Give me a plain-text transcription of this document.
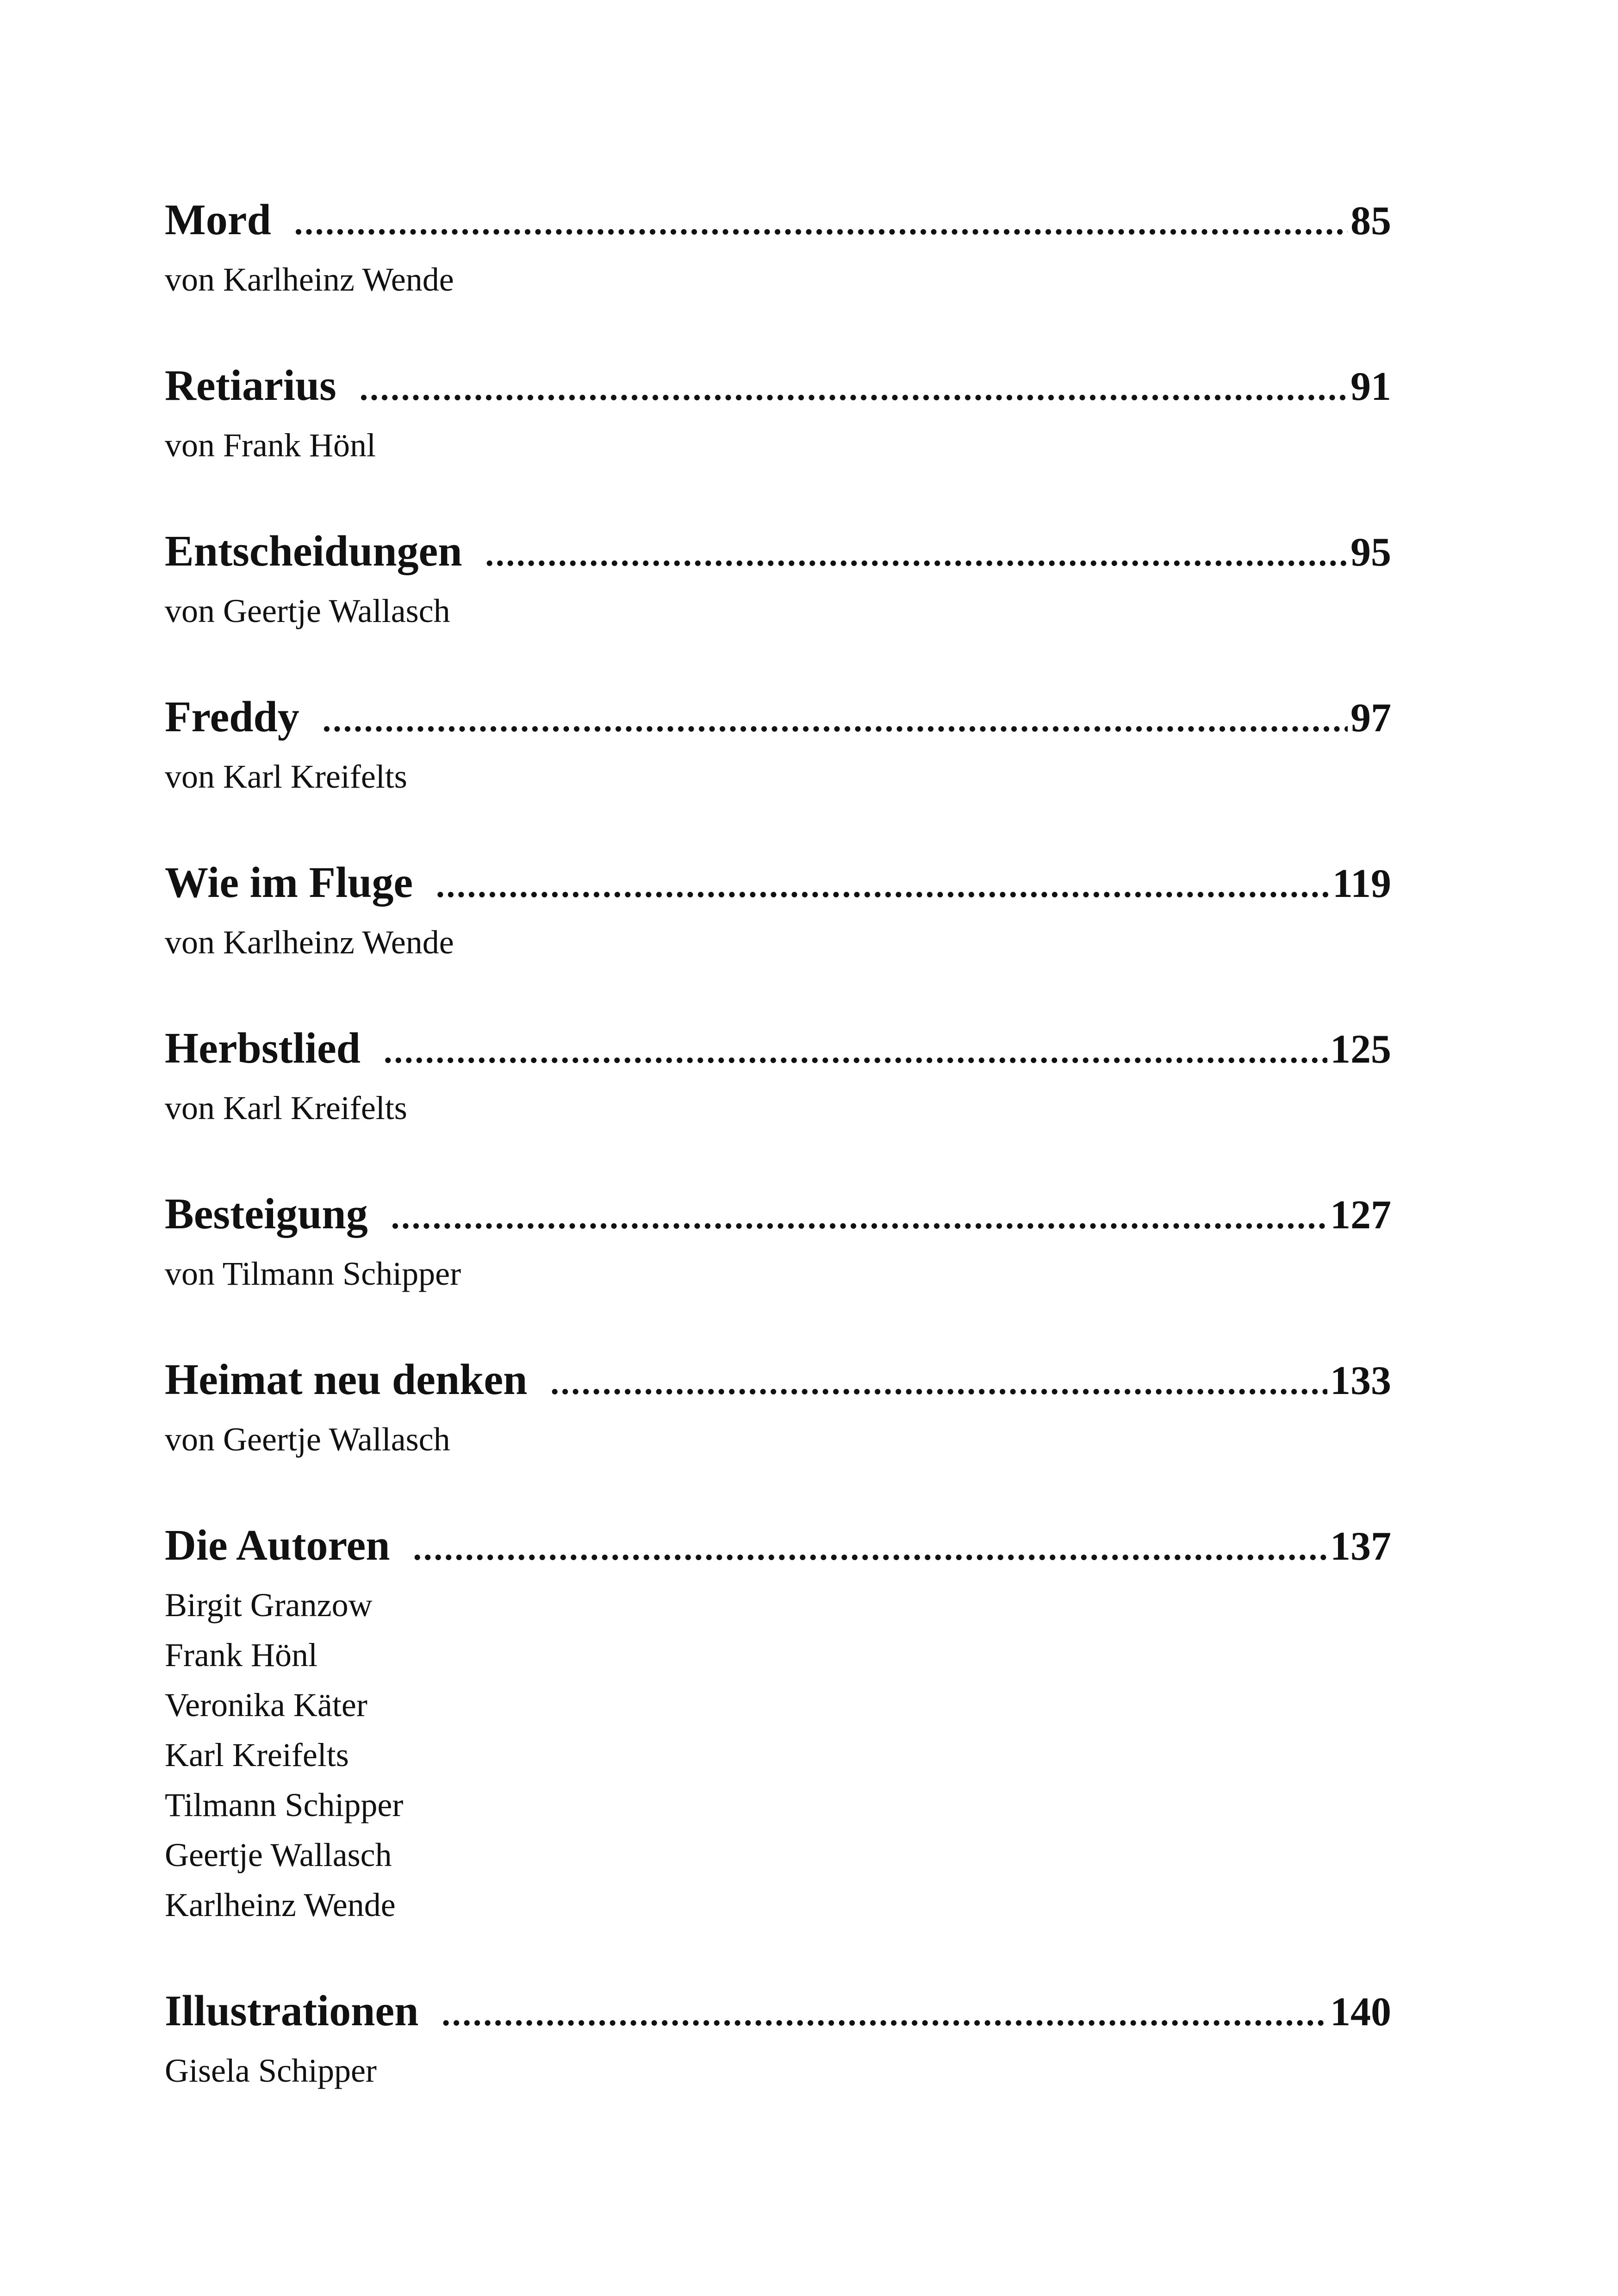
Mord .....	85
von Karlheinz Wende
Retiarius .....	91
von Frank Hönl
Entscheidungen .....	95
von Geertje Wallasch
Freddy .....	97
von Karl Kreifelts
Wie im Fluge .....	119
von Karlheinz Wende
Herbstlied .....	125
von Karl Kreifelts
Besteigung .....	127
von Tilmann Schipper
Heimat neu denken .....	133
von Geertje Wallasch
Die Autoren .....	137
Birgit Granzow
Frank Hönl
Veronika Käter
Karl Kreifelts
Tilmann Schipper
Geertje Wallasch
Karlheinz Wende
Illustrationen .....	140
Gisela Schipper
